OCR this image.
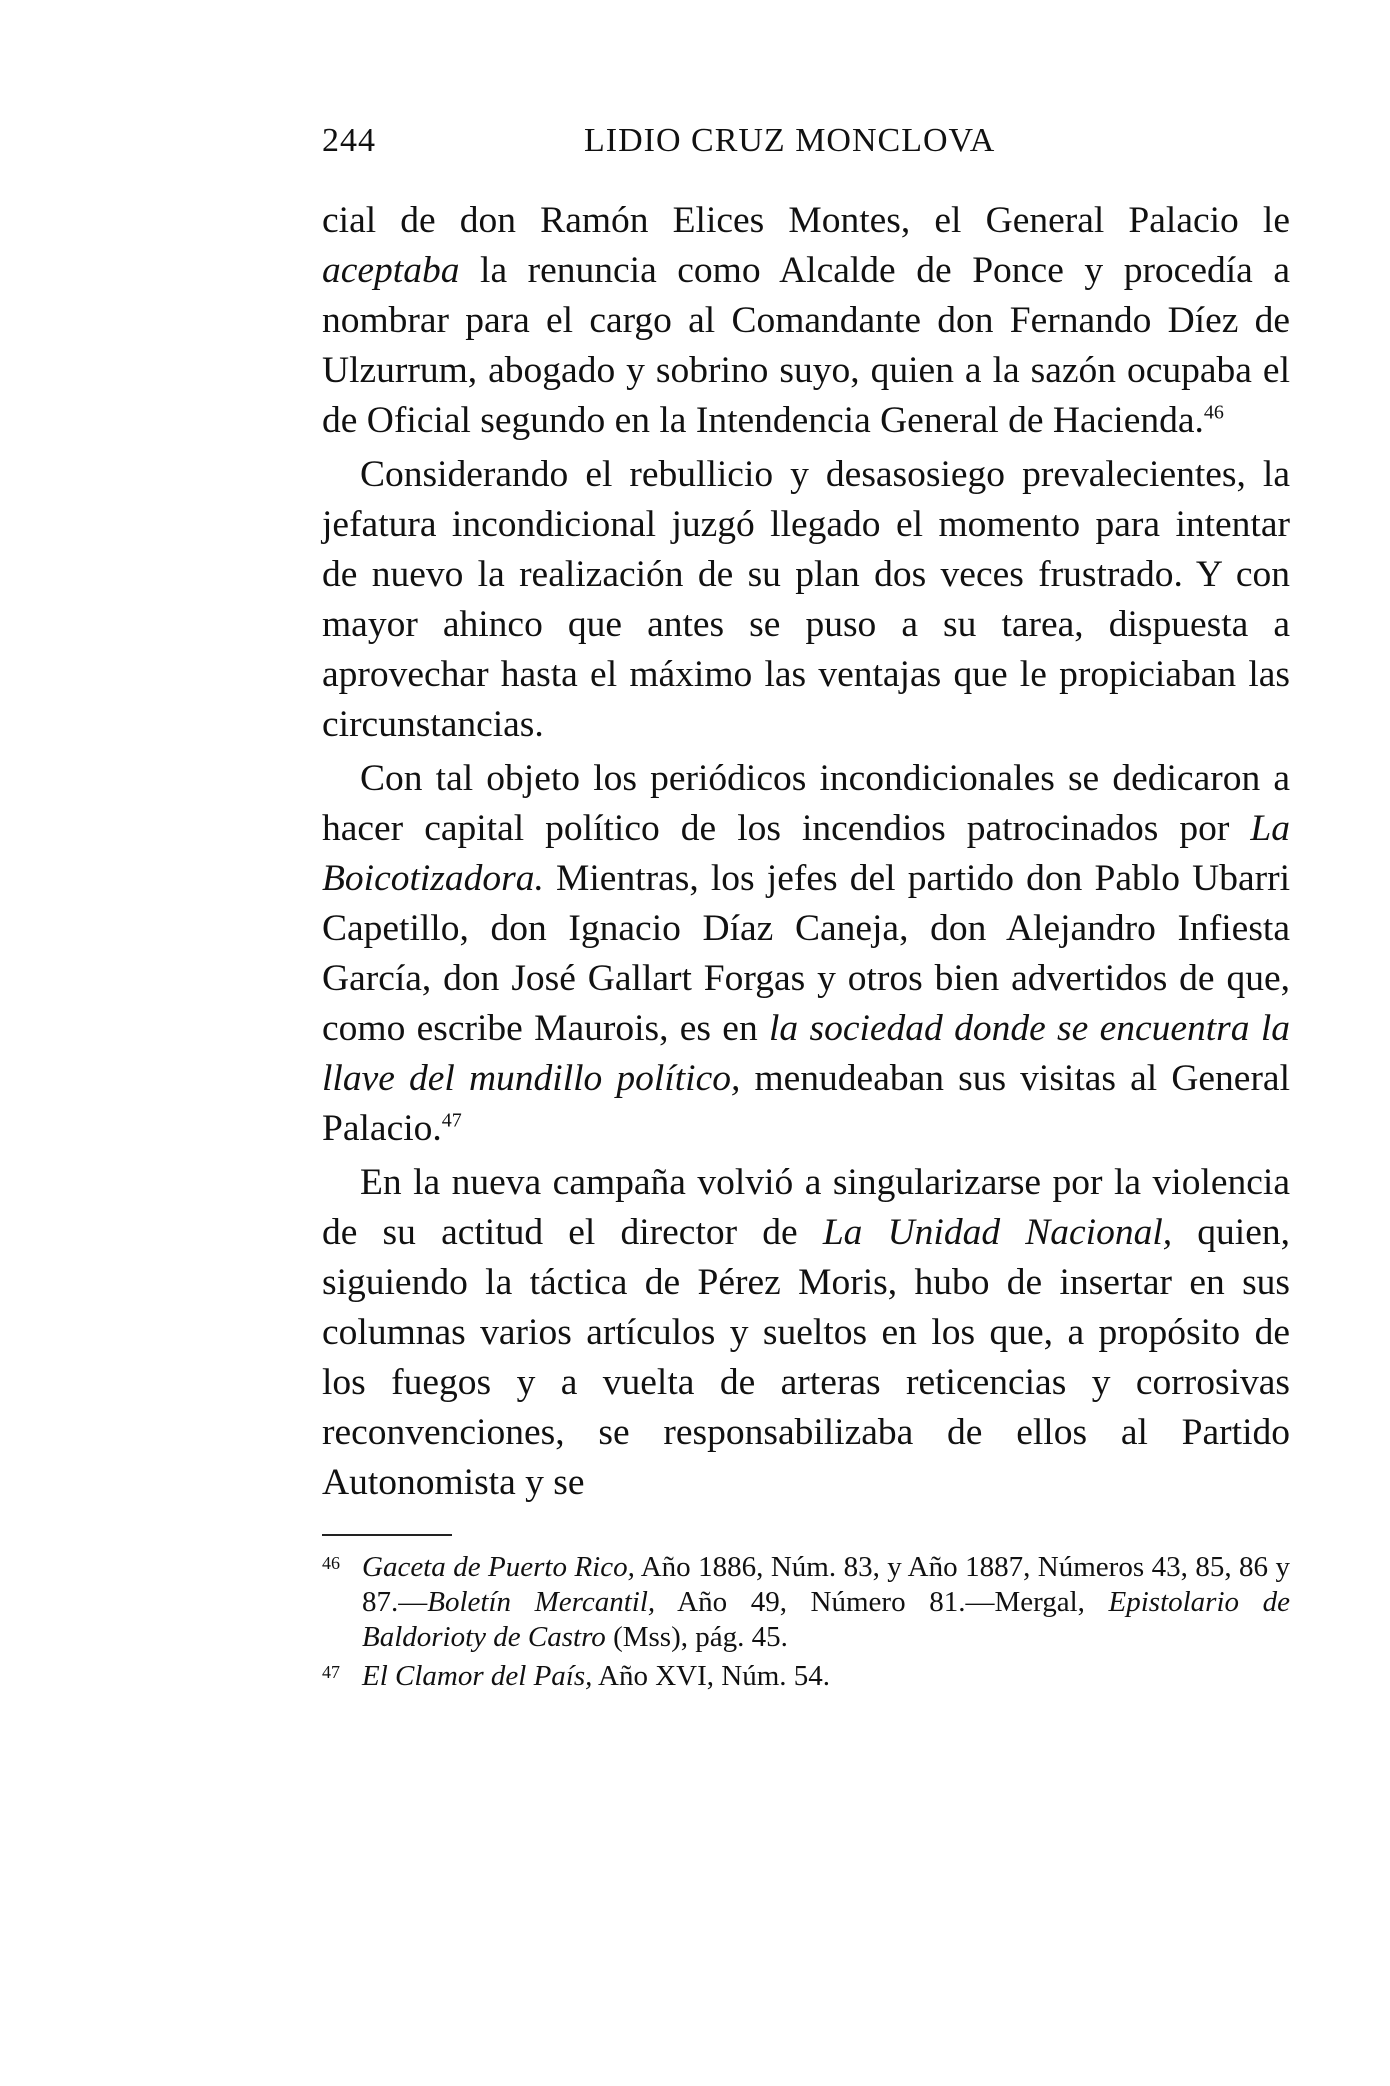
244	LIDIO CRUZ MONCLOVA

cial de don Ramón Elices Montes, el General Palacio le aceptaba la renuncia como Alcalde de Ponce y procedía a nombrar para el cargo al Comandante don Fernando Díez de Ulzurrum, abogado y sobrino suyo, quien a la sazón ocupaba el de Oficial segundo en la Intendencia General de Hacienda.$^{46}$

Considerando el rebullicio y desasosiego prevalecientes, la jefatura incondicional juzgó llegado el momento para intentar de nuevo la realización de su plan dos veces frustrado. Y con mayor ahinco que antes se puso a su tarea, dispuesta a aprovechar hasta el máximo las ventajas que le propiciaban las circunstancias.

Con tal objeto los periódicos incondicionales se dedicaron a hacer capital político de los incendios patrocinados por La Boicotizadora. Mientras, los jefes del partido don Pablo Ubarri Capetillo, don Ignacio Díaz Caneja, don Alejandro Infiesta García, don José Gallart Forgas y otros bien advertidos de que, como escribe Maurois, es en la sociedad donde se encuentra la llave del mundillo político, menudeaban sus visitas al General Palacio.$^{47}$

En la nueva campaña volvió a singularizarse por la violencia de su actitud el director de La Unidad Nacional, quien, siguiendo la táctica de Pérez Moris, hubo de insertar en sus columnas varios artículos y sueltos en los que, a propósito de los fuegos y a vuelta de arteras reticencias y corrosivas reconvenciones, se responsabilizaba de ellos al Partido Autonomista y se

46 Gaceta de Puerto Rico, Año 1886, Núm. 83, y Año 1887, Números 43, 85, 86 y 87.—Boletín Mercantil, Año 49, Número 81.—Mergal, Epistolario de Baldorioty de Castro (Mss), pág. 45.
47 El Clamor del País, Año XVI, Núm. 54.
